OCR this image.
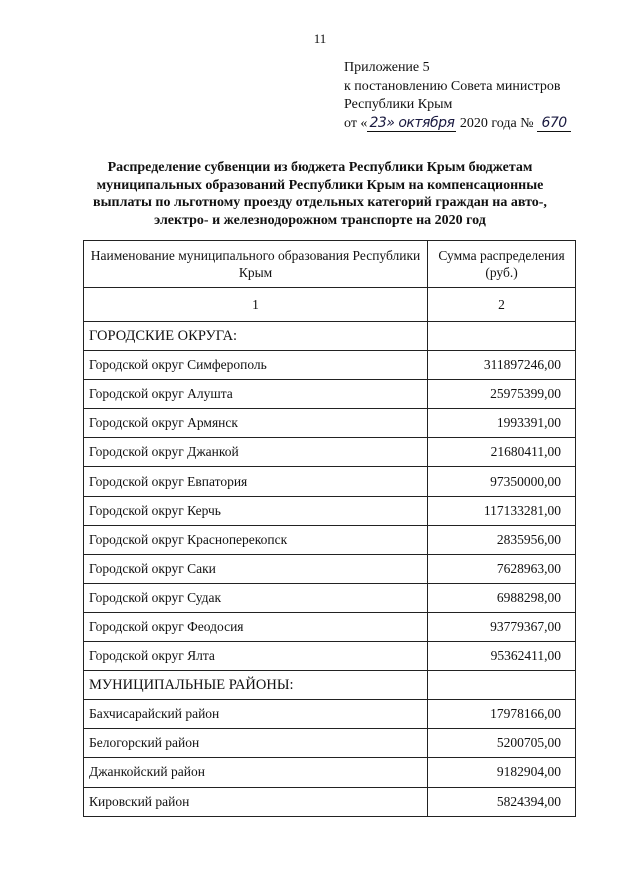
11
Приложение 5
к постановлению Совета министров
Республики Крым
от « 23» октября 2020 года № 670
Распределение субвенции из бюджета Республики Крым бюджетам муниципальных образований Республики Крым на компенсационные выплаты по льготному проезду отдельных категорий граждан на авто-, электро- и железнодорожном транспорте на 2020 год
Наименование муниципального образования Республики Крым	Сумма распределения (руб.)
1	2
ГОРОДСКИЕ ОКРУГА:	
Городской округ Симферополь	311897246,00
Городской округ Алушта	25975399,00
Городской округ Армянск	1993391,00
Городской округ Джанкой	21680411,00
Городской округ Евпатория	97350000,00
Городской округ Керчь	117133281,00
Городской округ Красноперекопск	2835956,00
Городской округ Саки	7628963,00
Городской округ Судак	6988298,00
Городской округ Феодосия	93779367,00
Городской округ Ялта	95362411,00
МУНИЦИПАЛЬНЫЕ РАЙОНЫ:	
Бахчисарайский район	17978166,00
Белогорский район	5200705,00
Джанкойский район	9182904,00
Кировский район	5824394,00
